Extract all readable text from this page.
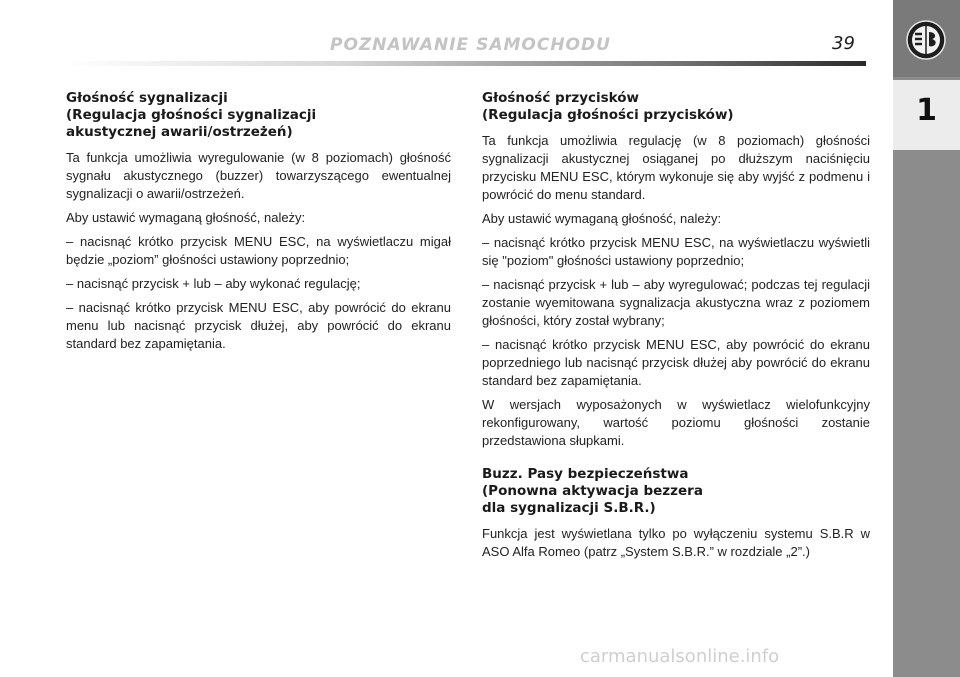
1
POZNAWANIE SAMOCHODU	39
Głośność sygnalizacji
(Regulacja głośności sygnalizacji
akustycznej awarii/ostrzeżeń)

Ta funkcja umożliwia wyregulowanie (w 8 poziomach) głośność sygnału akustycznego (buzzer) towarzyszącego ewentualnej sygnalizacji o awarii/ostrzeżeń.

Aby ustawić wymaganą głośność, należy:

– nacisnąć krótko przycisk MENU ESC, na wyświetlaczu migał będzie „poziom” głośności ustawiony poprzednio;

– nacisnąć przycisk + lub – aby wykonać regulację;

– nacisnąć krótko przycisk MENU ESC, aby powrócić do ekranu menu lub nacisnąć przycisk dłużej, aby powrócić do ekranu standard bez zapamiętania.

Głośność przycisków
(Regulacja głośności przycisków)

Ta funkcja umożliwia regulację (w 8 poziomach) głośności sygnalizacji akustycznej osiąganej po dłuższym naciśnięciu przycisku MENU ESC, którym wykonuje się aby wyjść z podmenu i powrócić do menu standard.

Aby ustawić wymaganą głośność, należy:

– nacisnąć krótko przycisk MENU ESC, na wyświetlaczu wyświetli się "poziom" głośności ustawiony poprzednio;

– nacisnąć przycisk + lub – aby wyregulować; podczas tej regulacji zostanie wyemitowana sygnalizacja akustyczna wraz z poziomem głośności, który został wybrany;

– nacisnąć krótko przycisk MENU ESC, aby powrócić do ekranu poprzedniego lub nacisnąć przycisk dłużej aby powrócić do ekranu standard bez zapamiętania.

W wersjach wyposażonych w wyświetlacz wielofunkcyjny rekonfigurowany, wartość poziomu głośności zostanie przedstawiona słupkami.

Buzz. Pasy bezpieczeństwa
(Ponowna aktywacja bezzera
dla sygnalizacji S.B.R.)

Funkcja jest wyświetlana tylko po wyłączeniu systemu S.B.R w ASO Alfa Romeo (patrz „System S.B.R.” w rozdziale „2”.)

carmanualsonline.info
